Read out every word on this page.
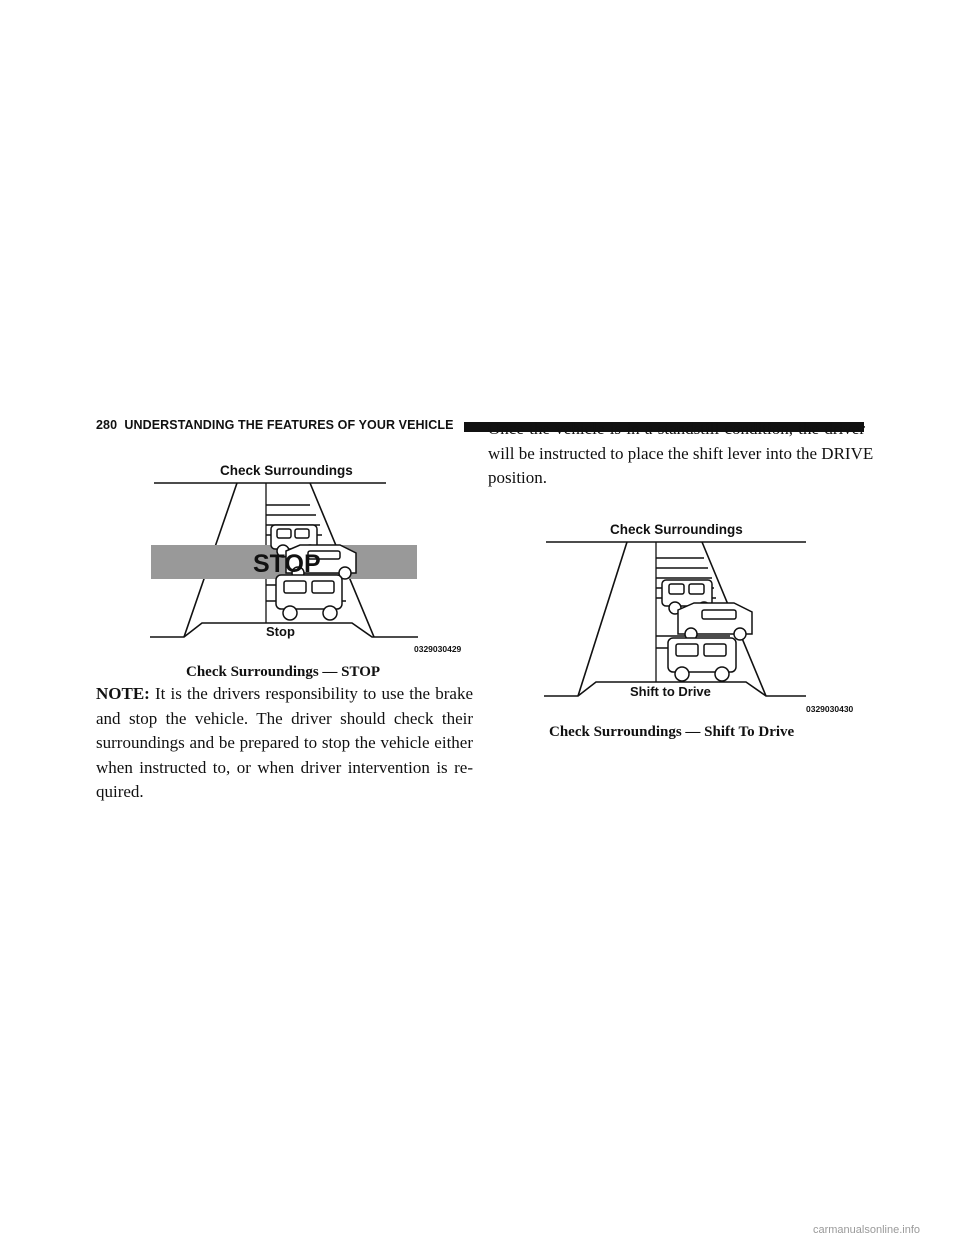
280 UNDERSTANDING THE FEATURES OF YOUR VEHICLE
Check Surroundings
STOP
Stop
0329030429
Check Surroundings — STOP
NOTE: It is the drivers responsibility to use the brake
and stop the vehicle. The driver should check their
surroundings and be prepared to stop the vehicle either
when instructed to, or when driver intervention is re-
quired.
Once the vehicle is in a standstill condition, the driver
will be instructed to place the shift lever into the DRIVE
position.
Check Surroundings
Shift to Drive
0329030430
Check Surroundings — Shift To Drive
carmanualsonline.info
